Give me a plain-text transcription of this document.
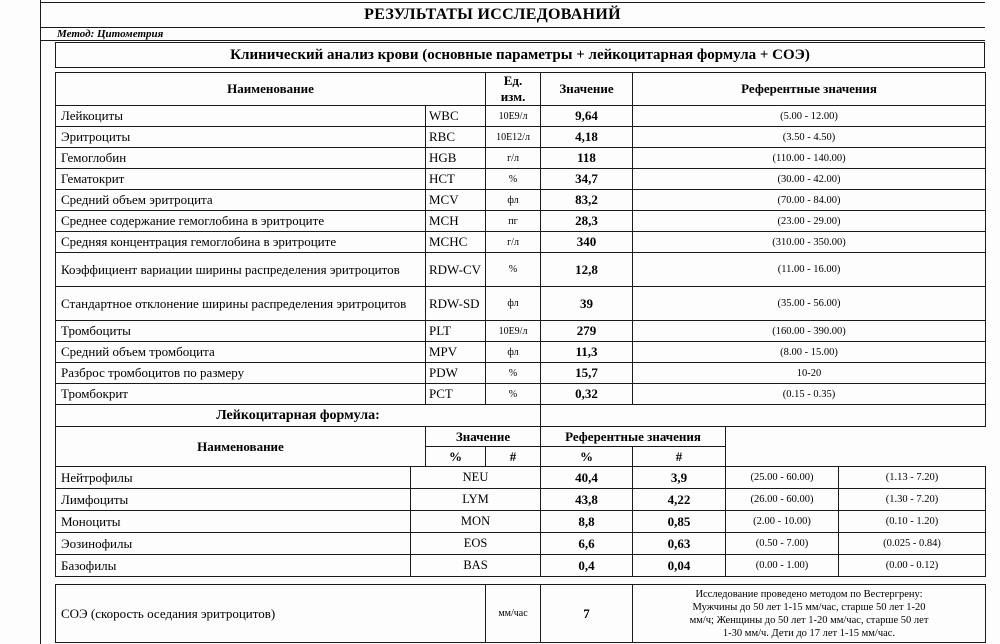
РЕЗУЛЬТАТЫ ИССЛЕДОВАНИЙ
Метод: Цитометрия
Клинический анализ крови (основные параметры + лейкоцитарная формула + СОЭ)
Наименование			Ед. изм.	Значение	Референтные значения		
Лейкоциты		WBC	10Е9/л	9,64	(5.00 - 12.00)		
Эритроциты		RBC	10Е12/л	4,18	(3.50 - 4.50)		
Гемоглобин		HGB	г/л	118	(110.00 - 140.00)		
Гематокрит		HCT	%	34,7	(30.00 - 42.00)		
Средний объем эритроцита		MCV	фл	83,2	(70.00 - 84.00)		
Среднее содержание гемоглобина в эритроците		MCH	пг	28,3	(23.00 - 29.00)		
Средняя концентрация гемоглобина в эритроците		MCHC	г/л	340	(310.00 - 350.00)		
Коэффициент вариации ширины распределения эритроцитов		RDW-CV	%	12,8	(11.00 - 16.00)		
Стандартное отклонение ширины распределения эритроцитов		RDW-SD	фл	39	(35.00 - 56.00)		
Тромбоциты		PLT	10Е9/л	279	(160.00 - 390.00)		
Средний объем тромбоцита		MPV	фл	11,3	(8.00 - 15.00)		
Разброс тромбоцитов по размеру		PDW	%	15,7	10-20		
Тромбокрит		PCT	%	0,32	(0.15 - 0.35)		
Лейкоцитарная формула:							
Наименование		Значение		Референтные значения			
		%	#	%	#		
Нейтрофилы	NEU			40,4	3,9	(25.00 - 60.00)	(1.13 - 7.20)
Лимфоциты	LYM			43,8	4,22	(26.00 - 60.00)	(1.30 - 7.20)
Моноциты	MON			8,8	0,85	(2.00 - 10.00)	(0.10 - 1.20)
Эозинофилы	EOS			6,6	0,63	(0.50 - 7.00)	(0.025 - 0.84)
Базофилы	BAS			0,4	0,04	(0.00 - 1.00)	(0.00 - 0.12)
СОЭ (скорость оседания эритроцитов)	мм/час	7	
Исследование проведено методом по Вестергрену:
Мужчины до 50 лет 1-15 мм/час, старше 50 лет 1-20
мм/ч; Женщины до 50 лет 1-20 мм/час, старше 50 лет
1-30 мм/ч. Дети до 17 лет 1-15 мм/час.
